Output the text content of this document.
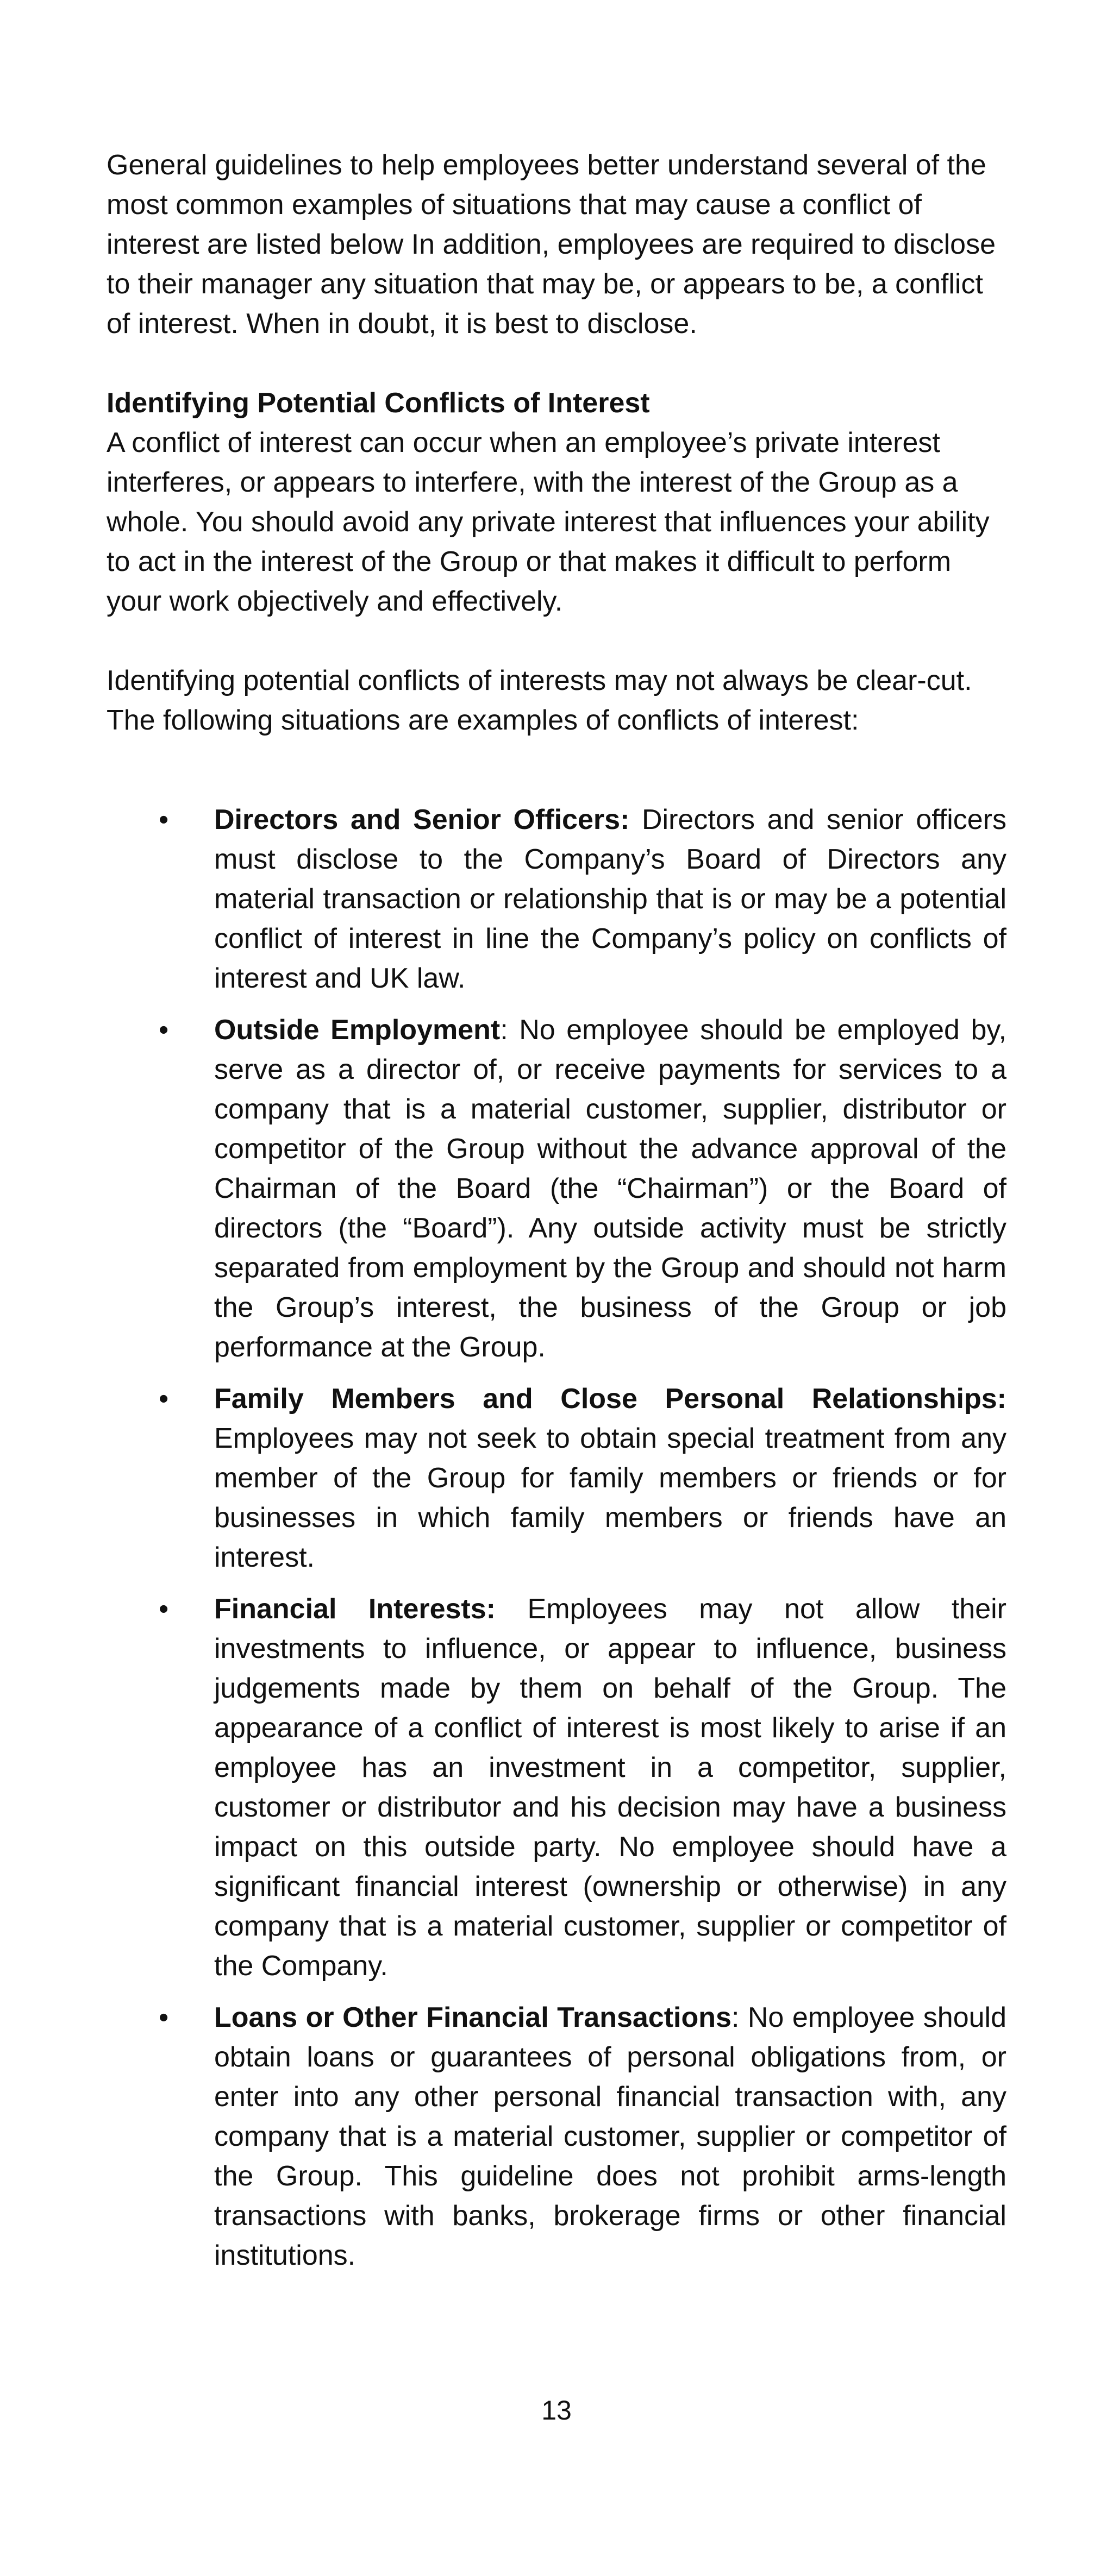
General guidelines to help employees better understand several of the most common examples of situations that may cause a conflict of interest are listed below In addition, employees are required to disclose to their manager any situation that may be, or appears to be, a conflict of interest. When in doubt, it is best to disclose.

Identifying Potential Conflicts of Interest

A conflict of interest can occur when an employee’s private interest interferes, or appears to interfere, with the interest of the Group as a whole. You should avoid any private interest that influences your ability to act in the interest of the Group or that makes it difficult to perform your work objectively and effectively.

Identifying potential conflicts of interests may not always be clear-cut. The following situations are examples of conflicts of interest:

• Directors and Senior Officers: Directors and senior officers must disclose to the Company’s Board of Directors any material transaction or relationship that is or may be a potential conflict of interest in line the Company’s policy on conflicts of interest and UK law.

• Outside Employment: No employee should be employed by, serve as a director of, or receive payments for services to a company that is a material customer, supplier, distributor or competitor of the Group without the advance approval of the Chairman of the Board (the “Chairman”) or the Board of directors (the “Board”). Any outside activity must be strictly separated from employment by the Group and should not harm the Group’s interest, the business of the Group or job performance at the Group.

• Family Members and Close Personal Relationships: Employees may not seek to obtain special treatment from any member of the Group for family members or friends or for businesses in which family members or friends have an interest.

• Financial Interests: Employees may not allow their investments to influence, or appear to influence, business judgements made by them on behalf of the Group. The appearance of a conflict of interest is most likely to arise if an employee has an investment in a competitor, supplier, customer or distributor and his decision may have a business impact on this outside party. No employee should have a significant financial interest (ownership or otherwise) in any company that is a material customer, supplier or competitor of the Company.

• Loans or Other Financial Transactions: No employee should obtain loans or guarantees of personal obligations from, or enter into any other personal financial transaction with, any company that is a material customer, supplier or competitor of the Group. This guideline does not prohibit arms-length transactions with banks, brokerage firms or other financial institutions.

13
